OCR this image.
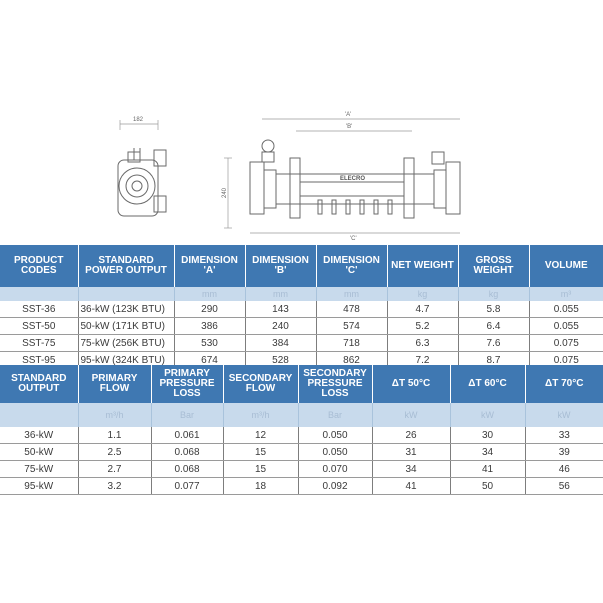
182
240
'A'
'B'
'C'
ELECRO
PRODUCT CODES	STANDARD POWER OUTPUT	DIMENSION 'A'	DIMENSION 'B'	DIMENSION 'C'	NET WEIGHT	GROSS WEIGHT	VOLUME
		mm	mm	mm	kg	kg	m³
SST-36	36-kW (123K BTU)	290	143	478	4.7	5.8	0.055
SST-50	50-kW (171K BTU)	386	240	574	5.2	6.4	0.055
SST-75	75-kW (256K BTU)	530	384	718	6.3	7.6	0.075
SST-95	95-kW (324K BTU)	674	528	862	7.2	8.7	0.075
STANDARD OUTPUT	PRIMARY FLOW	PRIMARY PRESSURE LOSS	SECONDARY FLOW	SECONDARY PRESSURE LOSS	ΔT 50°C	ΔT 60°C	ΔT 70°C
	m³/h	Bar	m³/h	Bar	kW	kW	kW
36-kW	1.1	0.061	12	0.050	26	30	33
50-kW	2.5	0.068	15	0.050	31	34	39
75-kW	2.7	0.068	15	0.070	34	41	46
95-kW	3.2	0.077	18	0.092	41	50	56
